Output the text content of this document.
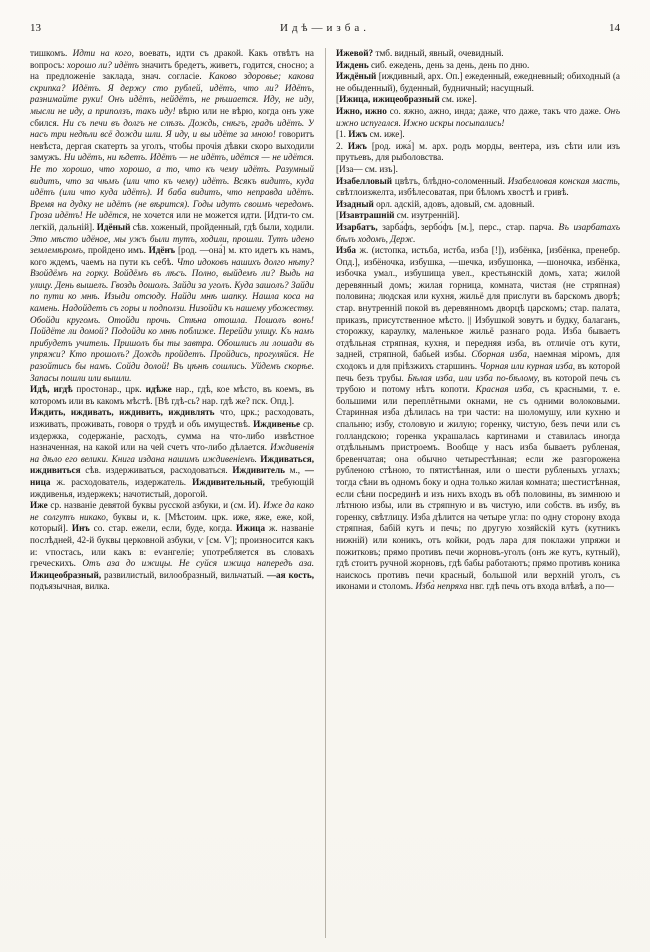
13	Идѣ—изба.	14

тишкомъ. Идти на кого, воевать, идти съ дракой. Какъ отвѣтъ на вопросъ: хорошо ли? идётъ значитъ бредетъ, живетъ, годится, сносно; а на предложеніе заклада, знач. согласіе. Каково здоровье; какова скрипка? Идётъ. Я держу сто рублей, идётъ, что ли? Идётъ, разнимайте руки! Онъ идётъ, нейдётъ, не рѣшается. Иду, не иду, мысли не иду, а приползъ, такъ иду! вѣрю или не вѣрю, когда онъ уже сбился. Ни съ печи въ долгъ не слѣзъ. Дождь, снѣгъ, градъ идётъ. У насъ три недѣли всё дожди шли. Я иду, и вы идёте за мною! говоритъ невѣста, дергая скатерть за уголъ, чтобы прочія дѣвки скоро выходили замужъ. Ни идётъ, ни ѣдетъ. Идётъ — не идётъ, идётся — не идётся. Не то хорошо, что хорошо, а то, что къ чему идётъ. Разумный видитъ, что за чѣмъ (или что къ чему) идётъ. Всякъ видитъ, куда идётъ (или что куда идётъ). И баба видитъ, что неправда идётъ. Время на дудку не идётъ (не вѣрится). Годы идутъ своимъ чередомъ. Гроза идётъ! Не идётся, не хочется или не можется идти. [Идти-то см. легкій, дальній]. Идёный сѣв. хоженый, пройденный, гдѣ были, ходили. Это мѣсто идёное, мы ужъ были тутъ, ходили, прошли. Тутъ идено землемѣромъ, пройдено имъ. Идёнъ [род. —она́] м. кто идетъ къ намъ, кого ждемъ, чаемъ на пути къ себѣ. Что идоковъ нашихъ долго нѣту? Взойдёмъ на горку. Войдёмъ въ лѣсъ. Полно, выйдемъ ли? Выдь на улицу. День вышелъ. Гвоздь дошолъ. Зайди за уголъ. Куда зашолъ? Зайди по пути ко мнѣ. Изыди отсюду. Найди мнѣ шапку. Нашла коса на камень. Надойдетъ съ горы и подползи. Низойди къ нашему убожеству. Обойди кругомъ. Отойди прочь. Стѣна отошла. Пошолъ вонъ! Пойдёте ли домой? Подойди ко мнѣ поближе. Перейди улицу. Къ намъ прибудетъ учитель. Пришолъ бы ты завтра. Обошлись ли лошади въ упряжи? Кто прошолъ? Дождь пройдетъ. Пройдись, прогуляйся. Не разойтись бы намъ. Сойди долой! Въ цѣнѣ сошлись. Уйдемъ скорѣе. Запасы пошли или вышли.

Идѣ, игдѣ простонар., црк. идѣже нар., гдѣ, кое мѣсто, въ коемъ, въ которомъ или въ какомъ мѣстѣ. [Вѣ гдѣ-сь? нар. гдѣ же? пск. Опд.].

Иждить, иждивать, иждивить, иждивлять что, црк.; расходовать, изживать, проживать, говоря о трудѣ и объ имуществѣ. Иждивенье ср. издержка, содержаніе, расходъ, сумма на что-либо извѣстное назначенная, на какой или на чей счетъ что-либо дѣлается. Иждивенія на дѣло его велики. Книга издана нашимъ иждивеніемъ. Иждиваться, иждивиться сѣв. издерживаться, расходоваться. Иждивитель м., —ница ж. расходователь, издержатель. Иждивительный, требующій иждивенья, издержекъ; начотистый, дорогой.

Иже ср. названіе девятой буквы русской азбуки, и (см. И). Иже да како не солгутъ никако, буквы и, к. [Мѣстоим. црк. иже, яже, еже, кой, который]. Инъ со. стар. ежели, если, буде, когда. Ижица ж. названіе послѣдней, 42-й буквы церковной азбуки, ѵ [см. Ѵ]; произносится какъ и: ѵпостась, или какъ в: еѵангеліе; употребляется въ словахъ греческихъ. Отъ аза до ижицы. Не суйся ижица напередъ аза. Ижицеобразный, развилистый, вилообразный, вильчатый. —ая кость, подъязычная, вилка.

Ижевой? тмб. видный, явный, очевидный.

Иждень сиб. ежедень, день за день, день по дню.

Иждёный [иждивный, арх. Оп.] ежеденный, ежедневный; обиходный (а не обыденный), буденный, будничный; насущный.

[Ижица, ижицеобразный см. иже].

Ижно, ижно со. яжно, ажно, инда; даже, что даже, такъ что даже. Онъ ижно испугался. Ижно искры посыпались!

[1. Ижъ см. иже].

2. Ижъ [род. ижа́] м. арх. родъ морды, вентера, изъ сѣти или изъ прутьевъ, для рыболовства.

[Иза— см. изъ].

Изабелловый цвѣтъ, блѣдно-соломенный. Изабелловая конская масть, свѣтлоизжелта, избѣлесоватая, при бѣломъ хвостѣ и гривѣ.

Изадный орл. адскій, адовъ, адовый, см. адовный.

[Изавтрашній см. изутренній].

Изарбатъ, зарба́фъ, зербо́фъ [м.], перс., стар. парча. Въ изарбатахъ бѣлъ ходомъ, Держ.

Изба ж. (истопка, истьба, истба, изба [!]), избёнка, [избёнка, пренебр. Опд.], избёночка, избушка, —шечка, избушонка, —шоночка, избёнка, избочка умал., избушища увел., крестьянскій домъ, хата; жилой деревянный домъ; жилая горница, комната, чистая (не стряпная) половина; людская или кухня, жильё для прислуги въ барскомъ дворѣ; стар. внутренній покой въ деревянномъ дворцѣ царскомъ; стар. палата, приказъ, присутственное мѣсто. || Избушкой зовутъ и будку, балаганъ, сторожку, караулку, маленькое жильё разнаго рода. Изба бываетъ отдѣльная стряпная, кухня, и передняя изба, въ отличіе отъ кути, задней, стряпной, бабьей избы. Сборная изба, наемная міромъ, для сходокъ и для пріѣзжихъ старшинъ. Чорная или курная изба, въ которой печь безъ трубы. Бѣлая изба, или изба по-бѣлому, въ которой печь съ трубою и потому нѣтъ копоти. Красная изба, съ красными, т. е. большими или переплётными окнами, не съ одними волоковыми. Старинная изба дѣлилась на три части: на шоломушу, или кухню и спальню; избу, столовую и жилую; горенку, чистую, безъ печи или съ голландскою; горенка украшалась картинами и ставилась иногда отдѣльнымъ пристроемъ. Вообще у насъ изба бываетъ рубленая, бревенчатая; она обычно четырестѣнная; если же разгорожена рубленою стѣною, то пятистѣнная, или о шести рубленыхъ углахъ; тогда сѣни въ одномъ боку и одна только жилая комната; шестистѣнная, если сѣни посрединѣ и изъ нихъ входъ въ обѣ половины, въ зимнюю и лѣтнюю избы, или въ стряпную и въ чистую, или собств. въ избу, въ горенку, свѣтлицу. Изба дѣлится на четыре угла: по одну сторону входа стряпная, бабій кутъ и печь; по другую хозяйскій кутъ (кутникъ нижній) или коникъ, отъ койки, родъ лара для поклажи упряжи и пожитковъ; прямо противъ печи жорновъ-уголъ (онъ же кутъ, кутный), гдѣ стоитъ ручной жорновъ, гдѣ бабы работаютъ; прямо противъ коника наискось противъ печи красный, большой или верхній уголъ, съ иконами и столомъ. Изба̀ непряха нвг. гдѣ печь отъ входа влѣвѣ, а по—
